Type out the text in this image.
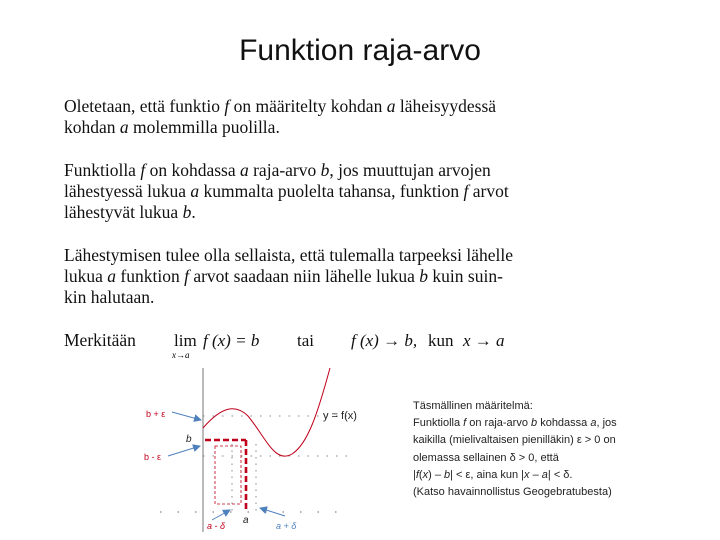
Funktion raja-arvo
Oletetaan, että funktio f on määritelty kohdan a läheisyydessä
kohdan a molemmilla puolilla.
Funktiolla f on kohdassa a raja-arvo b, jos muuttujan arvojen
lähestyessä lukua a kummalta puolelta tahansa, funktion f arvot
lähestyvät lukua b.
Lähestymisen tulee olla sellaista, että tulemalla tarpeeksi lähelle
lukua a funktion f arvot saadaan niin lähelle lukua b kuin suin-
kin halutaan.
Merkitään lim
x→a
f (x) = b tai f (x) → b, kun x → a
b + ε
b
b - ε
a
a - δ	a + δ
y = f(x)
Täsmällinen määritelmä:
Funktiolla f on raja-arvo b kohdassa a, jos
kaikilla (mielivaltaisen pienilläkin) ε > 0 on
olemassa sellainen δ > 0, että
|f(x) – b| < ε, aina kun |x – a| < δ.
(Katso havainnollistus Geogebratubesta)
